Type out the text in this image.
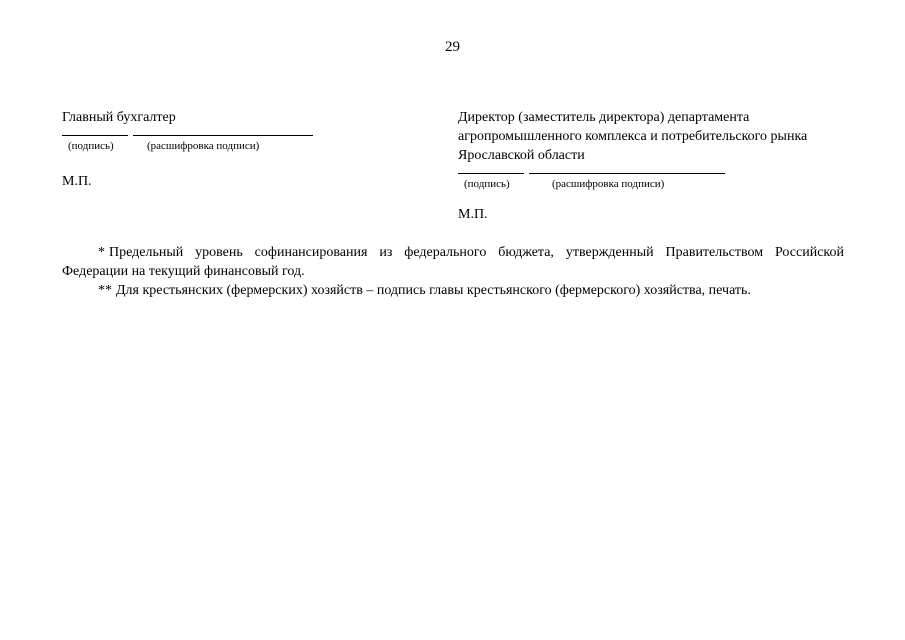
29
Главный бухгалтер
(подпись)	(расшифровка подписи)
М.П.
Директор (заместитель директора) департамента
агропромышленного комплекса и потребительского рынка
Ярославской области
(подпись)	(расшифровка подписи)
М.П.

* Предельный уровень софинансирования из федерального бюджета, утвержденный Правительством Российской Федерации на текущий финансовый год.

** Для крестьянских (фермерских) хозяйств – подпись главы крестьянского (фермерского) хозяйства, печать.
